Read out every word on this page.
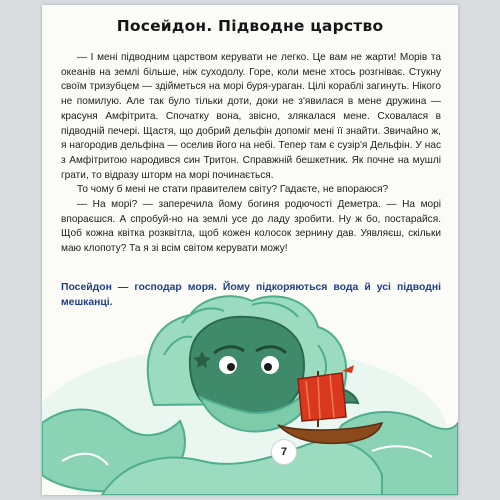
Посейдон. Підводне царство

— І мені підводним царством керувати не легко. Це вам не жарти! Морів та океанів на землі більше, ніж суходолу. Горе, коли мене хтось розгніває. Стукну своїм тризубцем — здійметься на морі буря-ураган. Цілі кораблі загинуть. Нікого не помилую. Але так було тільки доти, доки не з'явилася в мене дружина — красуня Амфітрита. Спочатку вона, звісно, злякалася мене. Сховалася в підводній печері. Щастя, що добрий дельфін допоміг мені її знайти. Звичайно ж, я нагородив дельфіна — оселив його на небі. Тепер там є сузір'я Дельфін. У нас з Амфітритою народився син Тритон. Справжній бешкетник. Як почне на мушлі грати, то відразу шторм на морі починається.

То чому б мені не стати правителем світу? Гадаєте, не впораюся?

— На морі? — заперечила йому богиня родючості Деметра. — На морі впораєшся. А спробуй-но на землі усе до ладу зробити. Ну ж бо, постарайся. Щоб кожна квітка розквітла, щоб кожен колосок зернину дав. Уявляєш, скільки маю клопоту? Та я зі всім світом керувати можу!

Посейдон — господар моря. Йому підкоряються вода й усі підводні мешканці.
7
